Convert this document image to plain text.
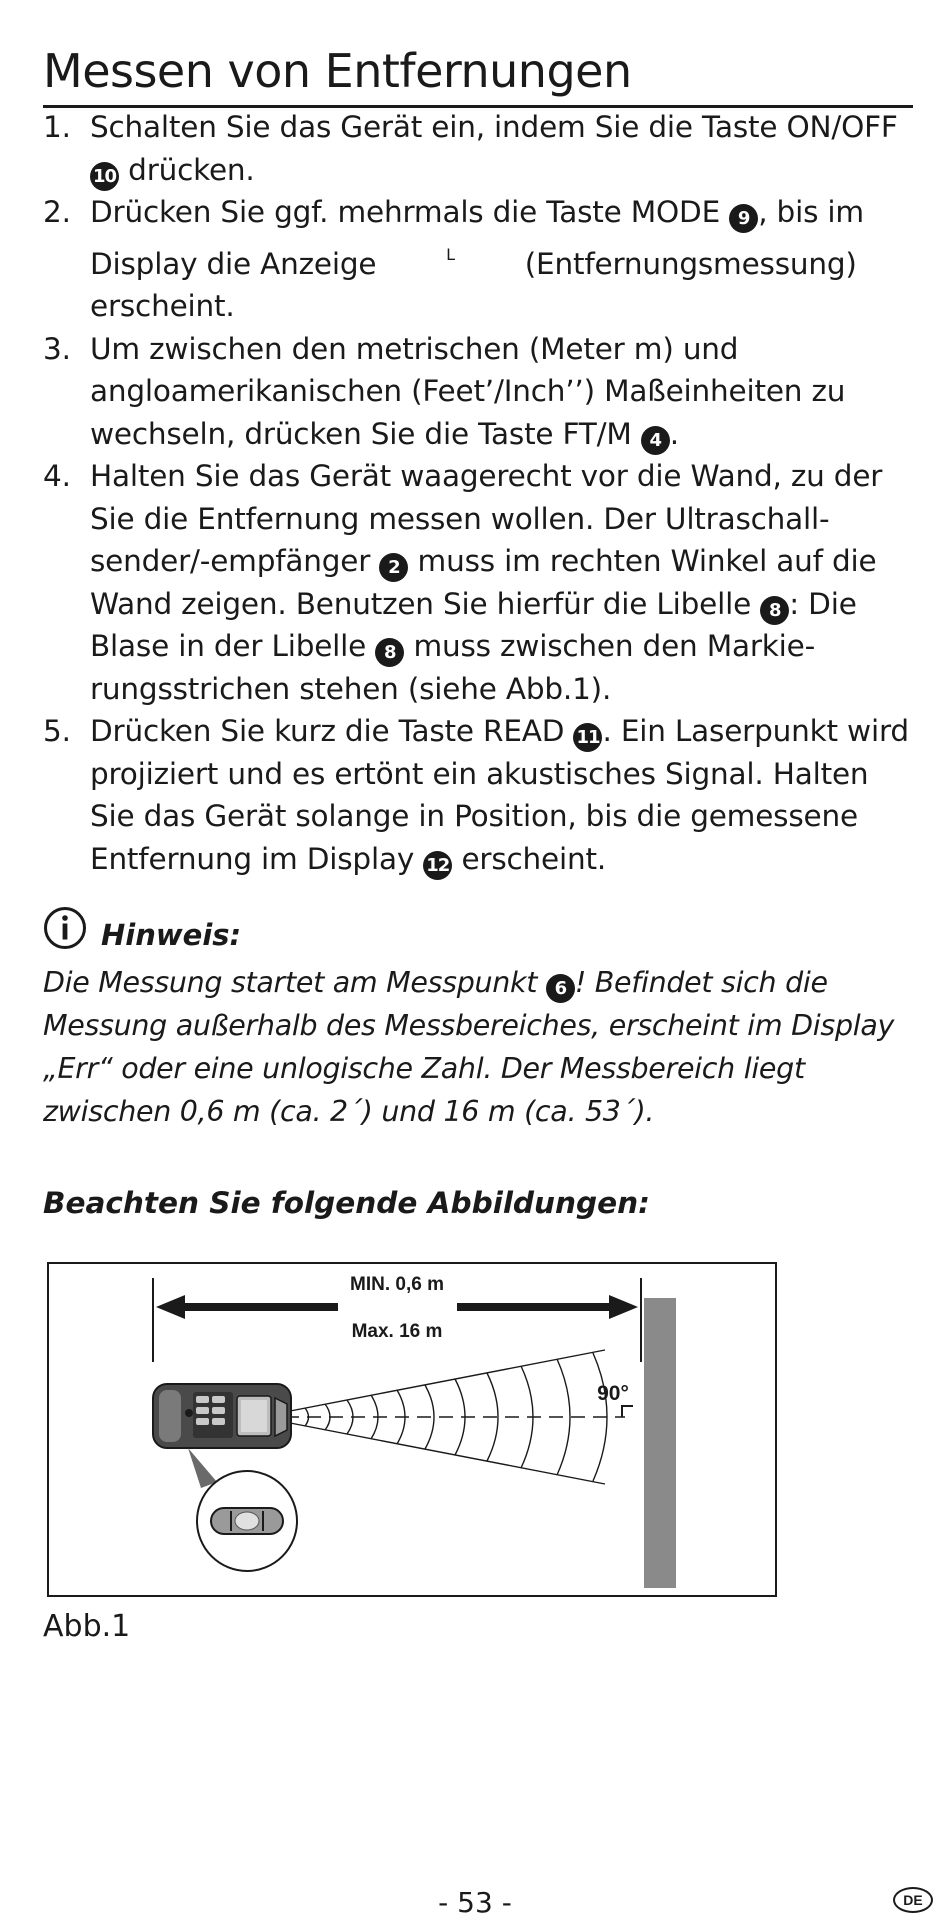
Messen von Entfernungen
1. Schalten Sie das Gerät ein, indem Sie die Taste ON/OFF 10 drücken.
2. Drücken Sie ggf. mehrmals die Taste MODE 9 , bis im Display die Anzeige	L (Entfernungsmessung) erscheint.
3. Um zwischen den metrischen (Meter m) und angloamerikanischen (Feet’/Inch’’) Maßeinheiten zu wechseln, drücken Sie die Taste FT/M 4 .
4. Halten Sie das Gerät waagerecht vor die Wand, zu der Sie die Entfernung messen wollen. Der Ultraschall-sender/-empfänger 2 muss im rechten Winkel auf die Wand zeigen. Benutzen Sie hierfür die Libelle 8 : Die Blase in der Libelle 8 muss zwischen den Markie-rungsstrichen stehen (siehe Abb.1).
5. Drücken Sie kurz die Taste READ 11 . Ein Laserpunkt wird projiziert und es ertönt ein akustisches Signal. Halten Sie das Gerät solange in Position, bis die gemessene Entfernung im Display 12 erscheint.
Hinweis:
Die Messung startet am Messpunkt 6 ! Befindet sich die Messung außerhalb des Messbereiches, erscheint im Display „Err“ oder eine unlogische Zahl. Der Messbereich liegt zwischen 0,6 m (ca. 2´) und 16 m (ca. 53´).
Beachten Sie folgende Abbildungen:
MIN. 0,6 m
Max. 16 m
90°
Abb.1
- 53 -	DE
